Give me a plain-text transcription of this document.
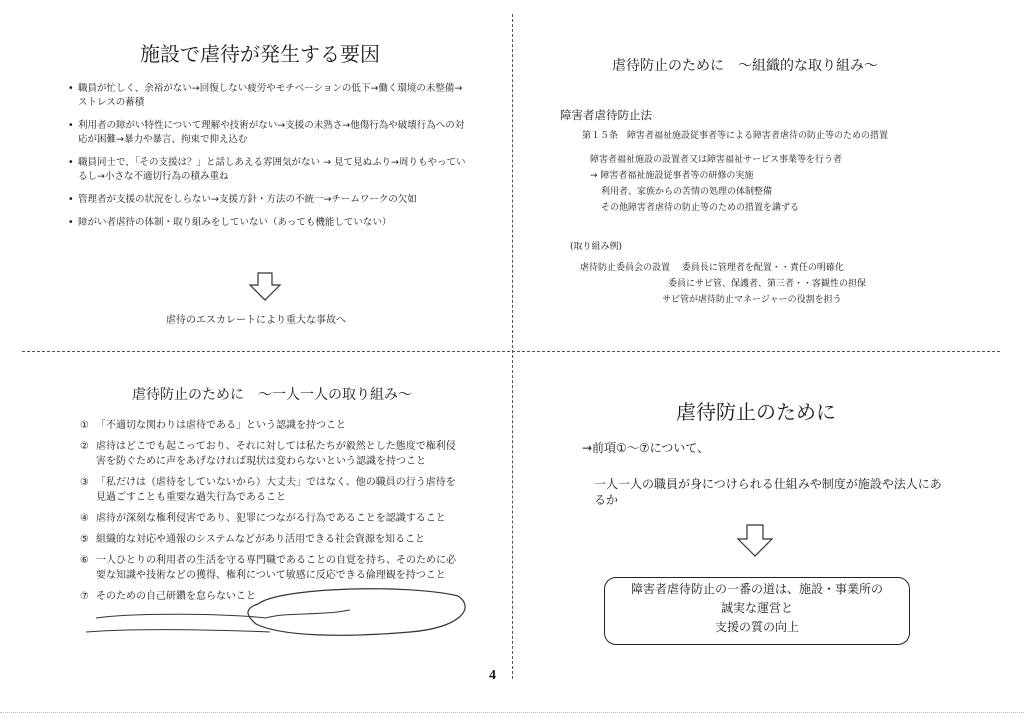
施設で虐待が発生する要因
• 職員が忙しく、余裕がない→回復しない疲労やモチベーションの低下→働く環境の未整備→ストレスの蓄積
• 利用者の障がい特性について理解や技術がない→支援の未熟さ→他傷行為や破壊行為への対応が困難→暴力や暴言、拘束で抑え込む
• 職員同士で、「その支援は？」と話しあえる雰囲気がない → 見て見ぬふり→周りもやっているし→小さな不適切行為の積み重ね
• 管理者が支援の状況をしらない→支援方針・方法の不統一→チームワークの欠如
• 障がい者虐待の体制・取り組みをしていない（あっても機能していない）
虐待のエスカレートにより重大な事故へ
虐待防止のために　～組織的な取り組み～
障害者虐待防止法
第１５条　障害者福祉施設従事者等による障害者虐待の防止等のための措置
障害者福祉施設の設置者又は障害福祉サービス事業等を行う者
→ 障害者福祉施設従事者等の研修の実施
利用者、家族からの苦情の処理の体制整備
その他障害者虐待の防止等のための措置を講ずる
(取り組み例)
虐待防止委員会の設置　 委員長に管理者を配置・・責任の明確化
委員にサビ管、保護者、第三者・・客観性の担保
サビ管が虐待防止マネージャーの役割を担う
虐待防止のために　～一人一人の取り組み～
① 「不適切な関わりは虐待である」という認識を持つこと
② 虐待はどこでも起こっており、それに対しては私たちが毅然とした態度で権利侵害を防ぐために声をあげなければ現状は変わらないという認識を持つこと
③ 「私だけは（虐待をしていないから）大丈夫」ではなく、他の職員の行う虐待を見過ごすことも重要な過失行為であること
④ 虐待が深刻な権利侵害であり、犯罪につながる行為であることを認識すること
⑤ 組織的な対応や通報のシステムなどがあり活用できる社会資源を知ること
⑥ 一人ひとりの利用者の生活を守る専門職であることの自覚を持ち、そのために必要な知識や技術などの獲得、権利について敏感に反応できる倫理観を持つこと
⑦ そのための自己研鑽を怠らないこと
虐待防止のために
→前項①～⑦について、
一人一人の職員が身につけられる仕組みや制度が施設や法人にあるか
障害者虐待防止の一番の道は、施設・事業所の
誠実な運営と
支援の質の向上
4
